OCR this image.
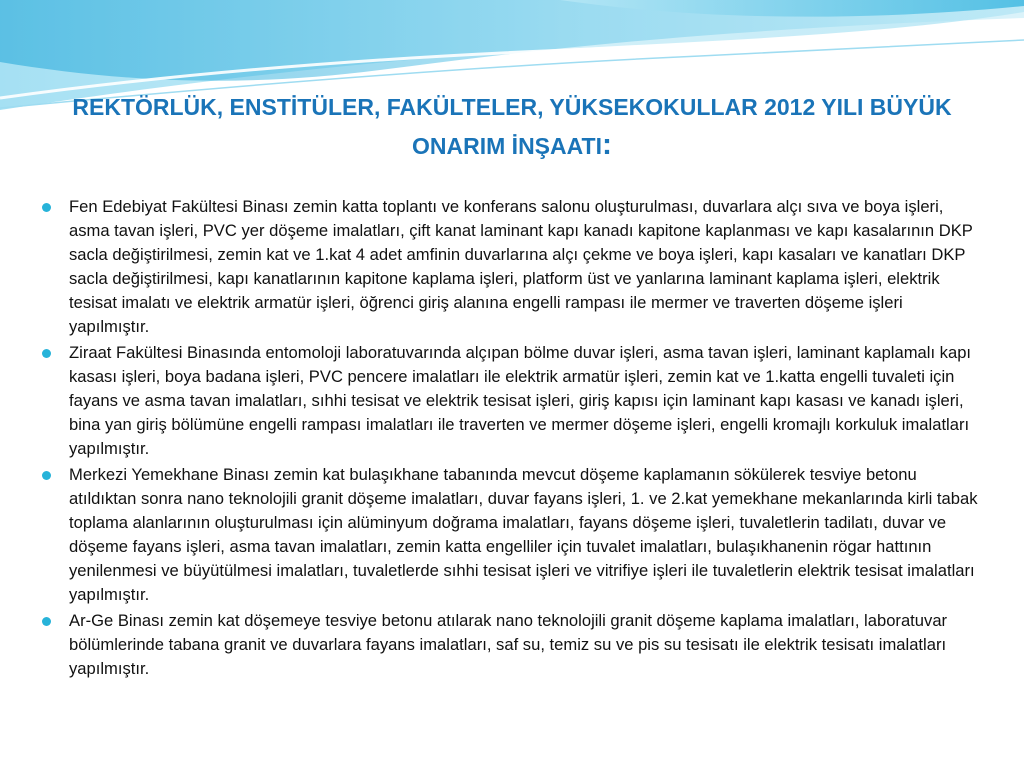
REKTÖRLÜK, ENSTİTÜLER, FAKÜLTELER, YÜKSEKOKULLAR 2012 YILI BÜYÜK ONARIM İNŞAATI:
Fen Edebiyat Fakültesi Binası zemin katta toplantı ve konferans salonu oluşturulması, duvarlara alçı sıva ve boya işleri, asma tavan işleri, PVC yer döşeme imalatları, çift kanat laminant kapı kanadı kapitone kaplanması ve kapı kasalarının DKP sacla değiştirilmesi, zemin kat ve 1.kat 4 adet amfinin duvarlarına alçı çekme ve boya işleri, kapı kasaları ve kanatları DKP sacla değiştirilmesi, kapı kanatlarının kapitone kaplama işleri, platform üst ve yanlarına laminant kaplama işleri, elektrik tesisat imalatı ve elektrik armatür işleri, öğrenci giriş alanına engelli rampası ile mermer ve traverten döşeme işleri yapılmıştır.
Ziraat Fakültesi Binasında entomoloji laboratuvarında alçıpan bölme duvar işleri, asma tavan işleri, laminant kaplamalı kapı kasası işleri, boya badana işleri, PVC pencere imalatları ile elektrik armatür işleri, zemin kat ve 1.katta engelli tuvaleti için fayans ve asma tavan imalatları, sıhhi tesisat ve elektrik tesisat işleri, giriş kapısı için laminant kapı kasası ve kanadı işleri, bina yan giriş bölümüne engelli rampası imalatları ile traverten ve mermer döşeme işleri, engelli kromajlı korkuluk imalatları yapılmıştır.
Merkezi Yemekhane Binası zemin kat bulaşıkhane tabanında mevcut döşeme kaplamanın sökülerek tesviye betonu atıldıktan sonra nano teknolojili granit döşeme imalatları, duvar fayans işleri, 1. ve 2.kat yemekhane mekanlarında kirli tabak toplama alanlarının oluşturulması için alüminyum doğrama imalatları, fayans döşeme işleri, tuvaletlerin tadilatı, duvar ve döşeme fayans işleri, asma tavan imalatları, zemin katta engelliler için tuvalet imalatları, bulaşıkhanenin rögar hattının yenilenmesi ve büyütülmesi imalatları, tuvaletlerde sıhhi tesisat işleri ve vitrifiye işleri ile tuvaletlerin elektrik tesisat imalatları yapılmıştır.
Ar-Ge Binası zemin kat döşemeye tesviye betonu atılarak nano teknolojili granit döşeme kaplama imalatları, laboratuvar bölümlerinde tabana granit ve duvarlara fayans imalatları, saf su, temiz su ve pis su tesisatı ile elektrik tesisatı imalatları yapılmıştır.
